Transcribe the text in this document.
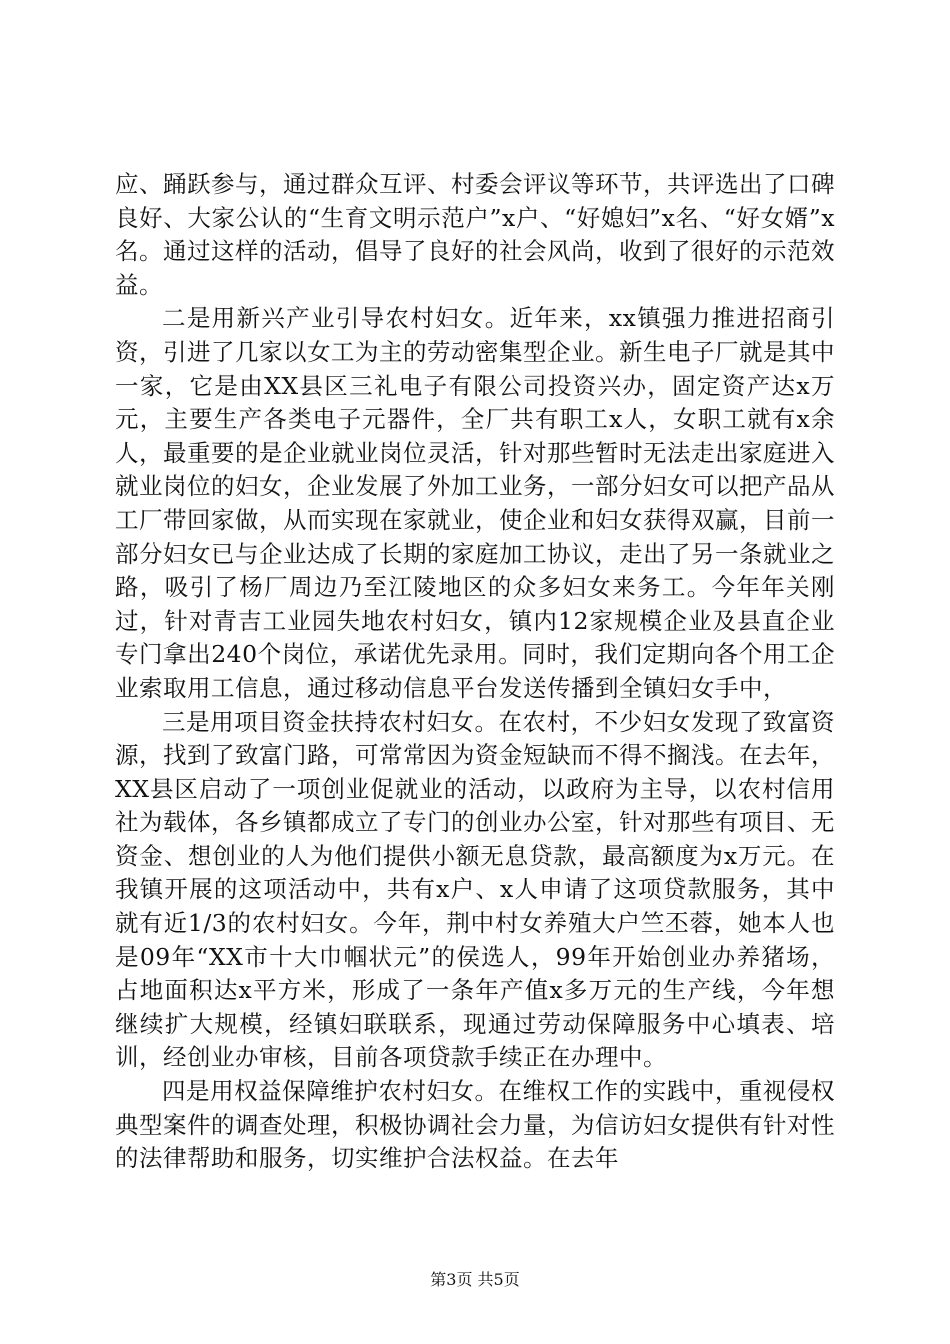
应、踊跃参与，通过群众互评、村委会评议等环节，共评选出了口碑良好、大家公认的“生育文明示范户”x户、“好媳妇”x名、“好女婿”x名。通过这样的活动，倡导了良好的社会风尚，收到了很好的示范效益。

二是用新兴产业引导农村妇女。近年来，xx镇强力推进招商引资，引进了几家以女工为主的劳动密集型企业。新生电子厂就是其中一家，它是由XX县区三礼电子有限公司投资兴办，固定资产达x万元，主要生产各类电子元器件，全厂共有职工x人，女职工就有x余人，最重要的是企业就业岗位灵活，针对那些暂时无法走出家庭进入就业岗位的妇女，企业发展了外加工业务，一部分妇女可以把产品从工厂带回家做，从而实现在家就业，使企业和妇女获得双赢，目前一部分妇女已与企业达成了长期的家庭加工协议，走出了另一条就业之路，吸引了杨厂周边乃至江陵地区的众多妇女来务工。今年年关刚过，针对青吉工业园失地农村妇女，镇内12家规模企业及县直企业专门拿出240个岗位，承诺优先录用。同时，我们定期向各个用工企业索取用工信息，通过移动信息平台发送传播到全镇妇女手中，

三是用项目资金扶持农村妇女。在农村，不少妇女发现了致富资源，找到了致富门路，可常常因为资金短缺而不得不搁浅。在去年，XX县区启动了一项创业促就业的活动，以政府为主导，以农村信用社为载体，各乡镇都成立了专门的创业办公室，针对那些有项目、无资金、想创业的人为他们提供小额无息贷款，最高额度为x万元。在我镇开展的这项活动中，共有x户、x人申请了这项贷款服务，其中就有近1/3的农村妇女。今年，荆中村女养殖大户竺丕蓉，她本人也是09年“XX市十大巾帼状元”的侯选人，99年开始创业办养猪场，占地面积达x平方米，形成了一条年产值x多万元的生产线，今年想继续扩大规模，经镇妇联联系，现通过劳动保障服务中心填表、培训，经创业办审核，目前各项贷款手续正在办理中。

四是用权益保障维护农村妇女。在维权工作的实践中，重视侵权典型案件的调查处理，积极协调社会力量，为信访妇女提供有针对性的法律帮助和服务，切实维护合法权益。在去年

第3页 共5页
